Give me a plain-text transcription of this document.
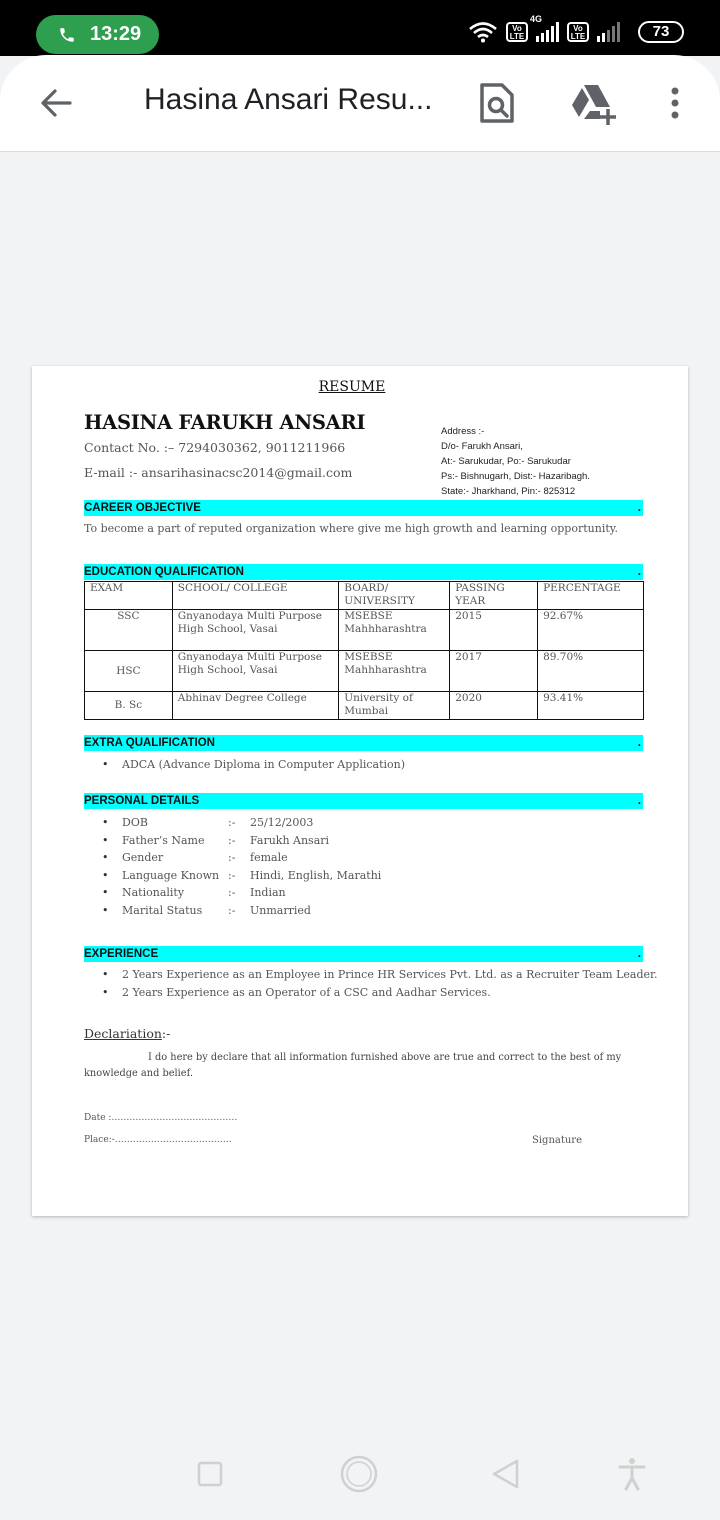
13:29	Vo LTE
4G
Vo LTE	73
Hasina Ansari Resu...
RESUME
HASINA FARUKH ANSARI
Contact No. :– 7294030362, 9011211966
E-mail :- ansarihasinacsc2014@gmail.com
Address :-
D/o- Farukh Ansari,
At:- Sarukudar, Po:- Sarukudar
Ps:- Bishnugarh, Dist:- Hazaribagh.
State:- Jharkhand, Pin:- 825312
CAREER OBJECTIVE	.
To become a part of reputed organization where give me high growth and learning opportunity.
EDUCATION QUALIFICATION	.
EXAM	SCHOOL/ COLLEGE	BOARD/ UNIVERSITY	PASSING YEAR	PERCENTAGE
SSC	Gnyanodaya Multi Purpose High School, Vasai	MSEBSE Mahhharashtra	2015	92.67%
HSC	Gnyanodaya Multi Purpose High School, Vasai	MSEBSE Mahhharashtra	2017	89.70%
B. Sc	Abhinav Degree College	University of Mumbai	2020	93.41%
EXTRA QUALIFICATION	.
• ADCA (Advance Diploma in Computer Application)
PERSONAL DETAILS	.
• DOB	:- 25/12/2003
• Father’s Name :- Farukh Ansari
• Gender	:- female
• Language Known :- Hindi, English, Marathi
• Nationality	:- Indian
• Marital Status :- Unmarried
EXPERIENCE	.
• 2 Years Experience as an Employee in Prince HR Services Pvt. Ltd. as a Recruiter Team Leader.
• 2 Years Experience as an Operator of a CSC and Aadhar Services.
Declariation:-
I do here by declare that all information furnished above are true and correct to the best of my knowledge and belief.
Date :……………………………………
Place:-…………………………………	Signature
